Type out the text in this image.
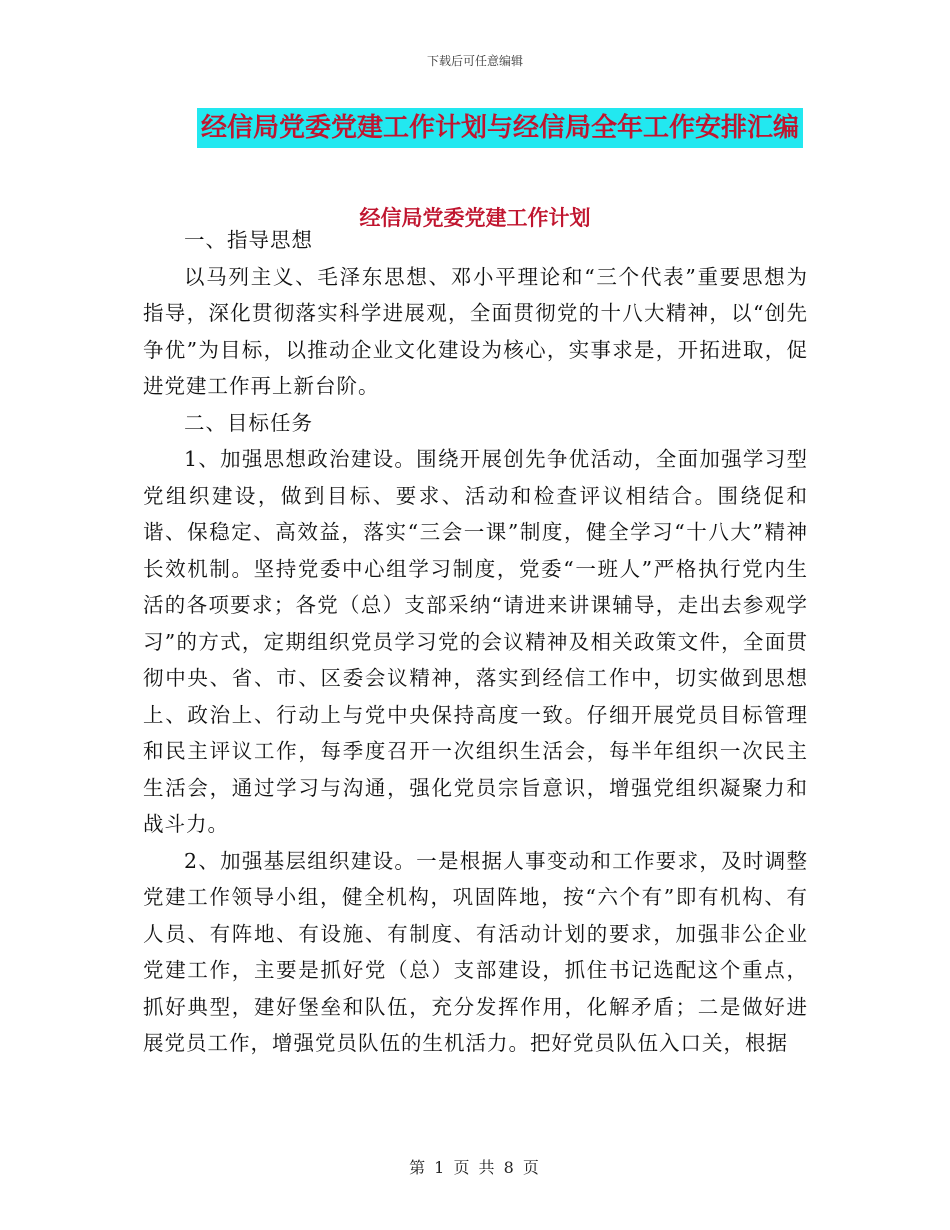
下载后可任意编辑
经信局党委党建工作计划与经信局全年工作安排汇编
经信局党委党建工作计划

一、指导思想

以马列主义、毛泽东思想、邓小平理论和“三个代表”重要思想为指导，深化贯彻落实科学进展观，全面贯彻党的十八大精神，以“创先争优”为目标，以推动企业文化建设为核心，实事求是，开拓进取，促进党建工作再上新台阶。

二、目标任务

1、加强思想政治建设。围绕开展创先争优活动，全面加强学习型党组织建设，做到目标、要求、活动和检查评议相结合。围绕促和谐、保稳定、高效益，落实“三会一课”制度，健全学习“十八大”精神长效机制。坚持党委中心组学习制度，党委“一班人”严格执行党内生活的各项要求；各党（总）支部采纳“请进来讲课辅导，走出去参观学习”的方式，定期组织党员学习党的会议精神及相关政策文件，全面贯彻中央、省、市、区委会议精神，落实到经信工作中，切实做到思想上、政治上、行动上与党中央保持高度一致。仔细开展党员目标管理和民主评议工作，每季度召开一次组织生活会，每半年组织一次民主生活会，通过学习与沟通，强化党员宗旨意识，增强党组织凝聚力和战斗力。

2、加强基层组织建设。一是根据人事变动和工作要求，及时调整党建工作领导小组，健全机构，巩固阵地，按“六个有”即有机构、有人员、有阵地、有设施、有制度、有活动计划的要求，加强非公企业党建工作，主要是抓好党（总）支部建设，抓住书记选配这个重点，抓好典型，建好堡垒和队伍，充分发挥作用，化解矛盾；二是做好进展党员工作，增强党员队伍的生机活力。把好党员队伍入口关，根据

第 1 页 共 8 页
